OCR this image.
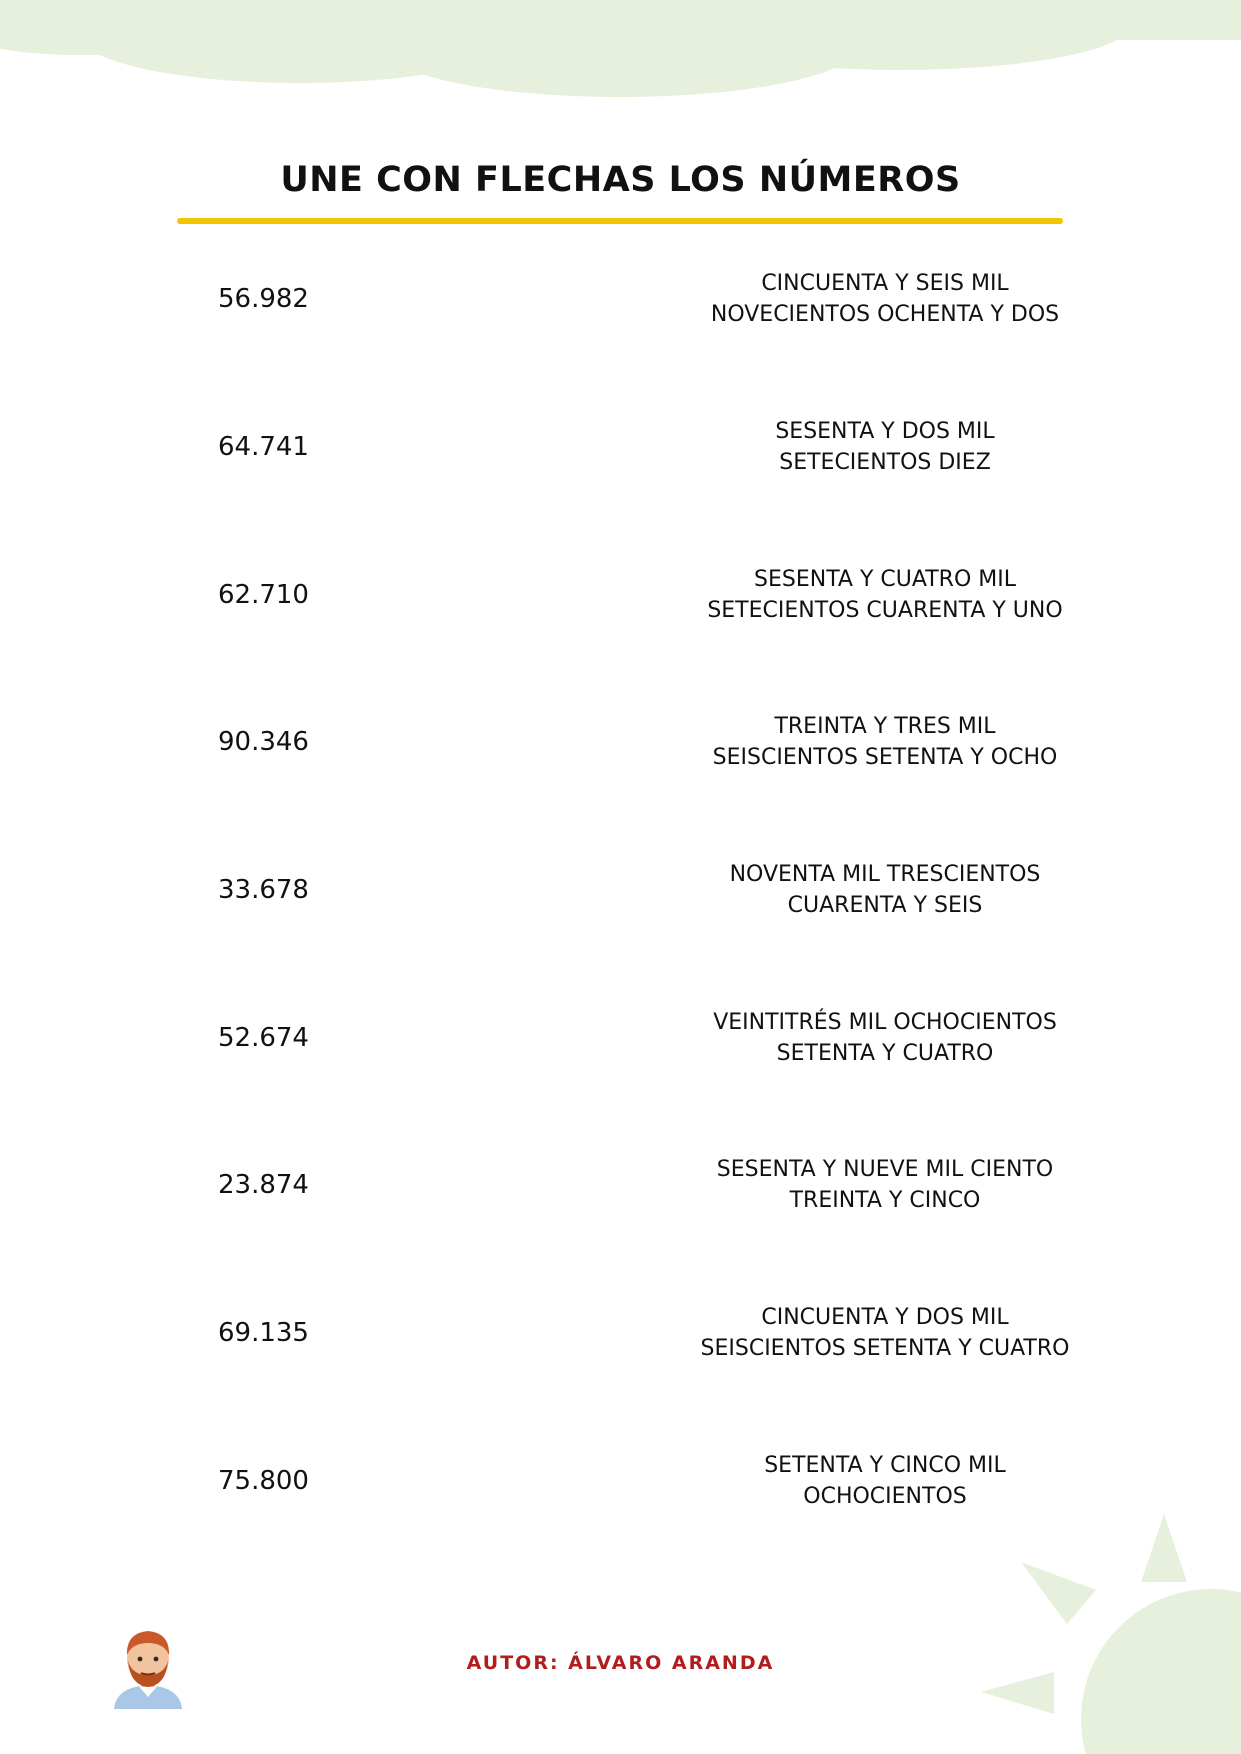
UNE CON FLECHAS LOS NÚMEROS
56.982
CINCUENTA Y SEIS MIL
NOVECIENTOS OCHENTA Y DOS
64.741
SESENTA Y DOS MIL
SETECIENTOS DIEZ
62.710
SESENTA Y CUATRO MIL
SETECIENTOS CUARENTA Y UNO
90.346
TREINTA Y TRES MIL
SEISCIENTOS SETENTA Y OCHO
33.678
NOVENTA MIL TRESCIENTOS
CUARENTA Y SEIS
52.674
VEINTITRÉS MIL OCHOCIENTOS
SETENTA Y CUATRO
23.874
SESENTA Y NUEVE MIL CIENTO
TREINTA Y CINCO
69.135
CINCUENTA Y DOS MIL
SEISCIENTOS SETENTA Y CUATRO
75.800
SETENTA Y CINCO MIL
OCHOCIENTOS
AUTOR: ÁLVARO ARANDA
